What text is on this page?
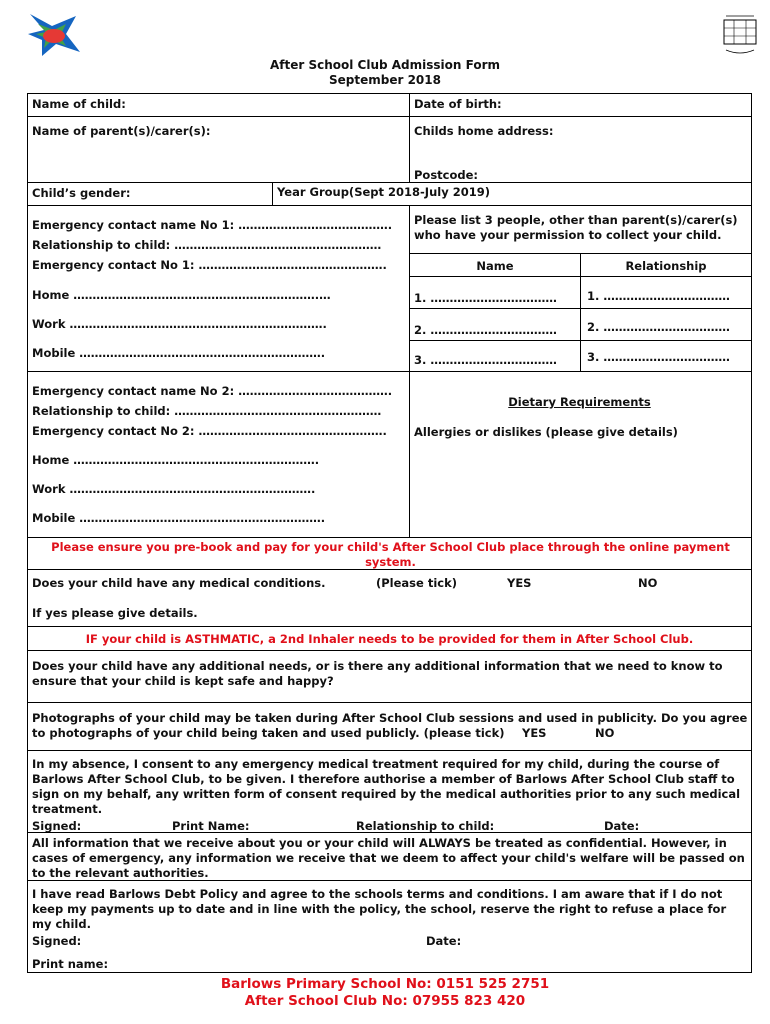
After School Club Admission Form
September 2018
Name of child:	Date of birth:
Name of parent(s)/carer(s):	Childs home address:
Postcode:
Child’s gender:	Year Group(Sept 2018-July 2019)
Emergency contact name No 1: ………………………………….
Relationship to child: ………………………………………………
Emergency contact No 1: ………………………………………….
Home ……………………………………………………….…
Work ………………………………………………………….
Mobile ……………………………………………………….
Please list 3 people, other than parent(s)/carer(s) who have your permission to collect your child.
Name	Relationship
1. ……………………………	1. ……………………………
2. ……………………………	2. ……………………………
3. ……………………………	3. ……………………………
Emergency contact name No 2: ………………………………….
Relationship to child: ………………………………………………
Emergency contact No 2: ………………………………………….
Home ……………………………………………………….
Work ……………………………………………………….
Mobile ……………………………………………………….
Dietary Requirements
Allergies or dislikes (please give details)
Please ensure you pre-book and pay for your child's After School Club place through the online payment system.
Does your child have any medical conditions.	(Please tick)	YES	NO
If yes please give details.
IF your child is ASTHMATIC, a 2nd Inhaler needs to be provided for them in After School Club.
Does your child have any additional needs, or is there any additional information that we need to know to ensure that your child is kept safe and happy?
Photographs of your child may be taken during After School Club sessions and used in publicity. Do you agree to photographs of your child being taken and used publicly. (please tick)	YES	NO
In my absence, I consent to any emergency medical treatment required for my child, during the course of Barlows After School Club, to be given. I therefore authorise a member of Barlows After School Club staff to sign on my behalf, any written form of consent required by the medical authorities prior to any such medical treatment.
Signed:	Print Name:	Relationship to child:	Date:
All information that we receive about you or your child will ALWAYS be treated as confidential. However, in cases of emergency, any information we receive that we deem to affect your child's welfare will be passed on to the relevant authorities.
I have read Barlows Debt Policy and agree to the schools terms and conditions. I am aware that if I do not keep my payments up to date and in line with the policy, the school, reserve the right to refuse a place for my child.
Signed:	Date:
Print name:
Barlows Primary School No: 0151 525 2751
After School Club No: 07955 823 420
